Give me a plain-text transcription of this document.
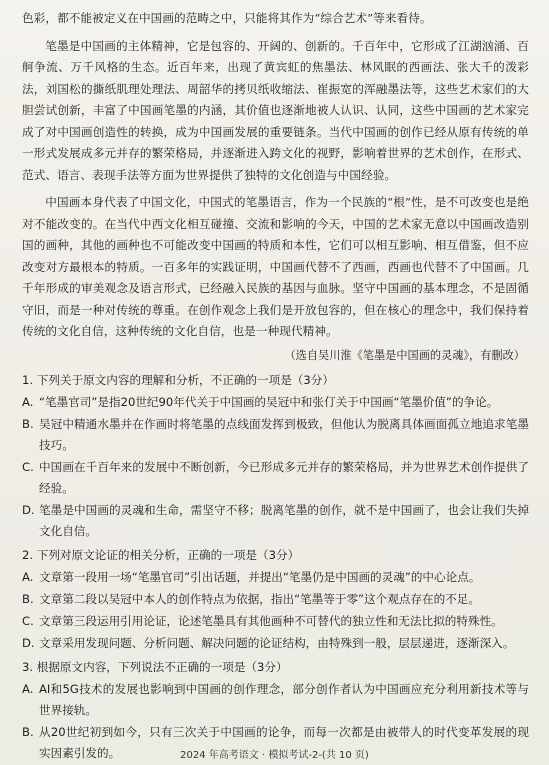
色彩，都不能被定义在中国画的范畴之中，只能将其作为“综合艺术”等来看待。

笔墨是中国画的主体精神，它是包容的、开阔的、创新的。千百年中，它形成了江湖汹涌、百舸争流、万千风格的生态。近百年来，出现了黄宾虹的焦墨法、林风眠的西画法、张大千的泼彩法，刘国松的撕纸肌理处理法、周韶华的拷贝纸收缩法、崔振宽的浑融墨法等，这些艺术家们的大胆尝试创新，丰富了中国画笔墨的内涵，其价值也逐渐地被人认识、认同，这些中国画的艺术家完成了对中国画创造性的转换，成为中国画发展的重要链条。当代中国画的创作已经从原有传统的单一形式发展成多元并存的繁荣格局，并逐渐进入跨文化的视野，影响着世界的艺术创作，在形式、范式、语言、表现手法等方面为世界提供了独特的文化创造与中国经验。

中国画本身代表了中国文化，中国式的笔墨语言，作为一个民族的“根”性，是不可改变也是绝对不能改变的。在当代中西文化相互碰撞、交流和影响的今天，中国的艺术家无意以中国画改造别国的画种，其他的画种也不可能改变中国画的特质和本性，它们可以相互影响、相互借鉴，但不应改变对方最根本的特质。一百多年的实践证明，中国画代替不了西画，西画也代替不了中国画。几千年形成的审美观念及语言形式，已经融入民族的基因与血脉。坚守中国画的基本理念，不是固循守旧，而是一种对传统的尊重。在创作观念上我们是开放包容的，但在核心的理念中，我们保持着传统的文化自信，这种传统的文化自信，也是一种现代精神。

（选自吴川淮《笔墨是中国画的灵魂》，有删改）
1. 下列关于原文内容的理解和分析，不正确的一项是（3分）
A. “笔墨官司”是指20世纪90年代关于中国画的吴冠中和张仃关于中国画“笔墨价值”的争论。
B. 吴冠中精通水墨并在作画时将笔墨的点线面发挥到极致，但他认为脱离具体画面孤立地追求笔墨技巧。
C. 中国画在千百年来的发展中不断创新，今已形成多元并存的繁荣格局，并为世界艺术创作提供了经验。
D. 笔墨是中国画的灵魂和生命，需坚守不移；脱离笔墨的创作，就不是中国画了，也会让我们失掉文化自信。
2. 下列对原文论证的相关分析，正确的一项是（3分）
A. 文章第一段用一场“笔墨官司”引出话题，并提出“笔墨仍是中国画的灵魂”的中心论点。
B. 文章第二段以吴冠中本人的创作特点为依据，指出“笔墨等于零”这个观点存在的不足。
C. 文章第三段运用引用论证，论述笔墨具有其他画种不可替代的独立性和无法比拟的特殊性。
D. 文章采用发现问题、分析问题、解决问题的论证结构，由特殊到一般，层层递进，逐渐深入。
3. 根据原文内容，下列说法不正确的一项是（3分）
A. AI和5G技术的发展也影响到中国画的创作理念，部分创作者认为中国画应充分利用新技术等与世界接轨。
B. 从20世纪初到如今，只有三次关于中国画的论争，而每一次都是由被带人的时代变革发展的现实因素引发的。	2024 年高考语文 · 模拟考试-2-(共 10 页)
